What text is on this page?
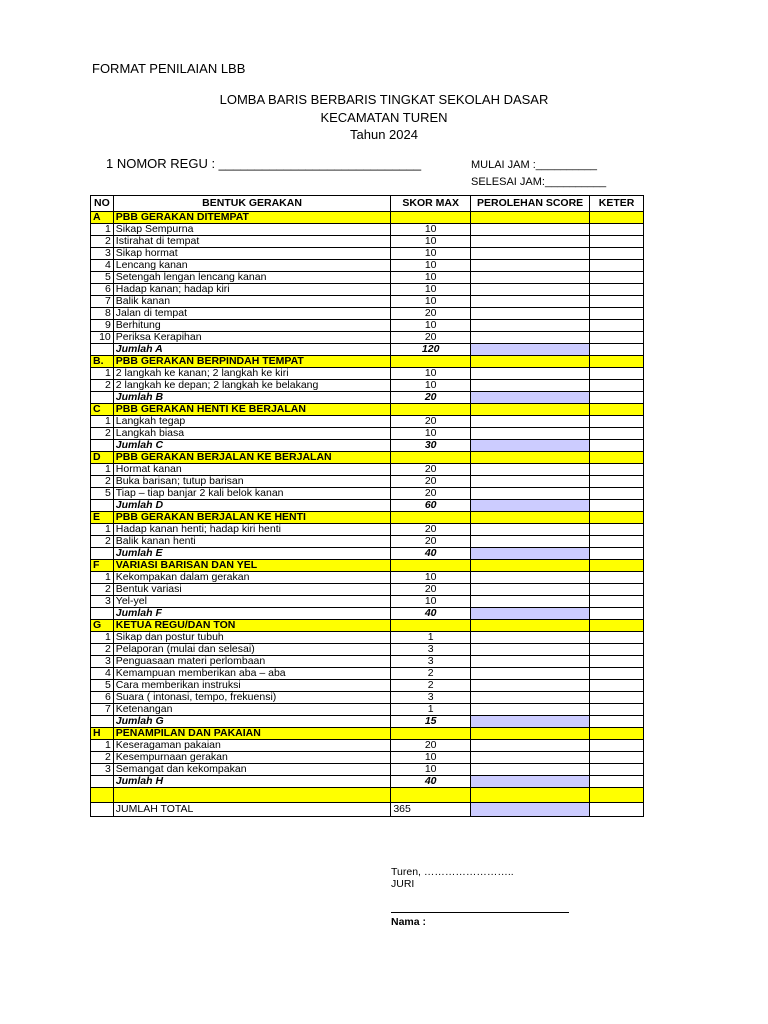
FORMAT PENILAIAN LBB
LOMBA BARIS BERBARIS TINGKAT SEKOLAH DASAR
KECAMATAN TUREN
Tahun 2024
1 NOMOR REGU : ____________________________	MULAI JAM :__________
SELESAI JAM:__________
NO	BENTUK GERAKAN	SKOR MAX	PEROLEHAN SCORE	KETER
A	PBB GERAKAN DITEMPAT			
1	Sikap Sempurna	10		
2	Istirahat di tempat	10		
3	Sikap hormat	10		
4	Lencang kanan	10		
5	Setengah lengan lencang kanan	10		
6	Hadap kanan; hadap kiri	10		
7	Balik kanan	10		
8	Jalan di tempat	20		
9	Berhitung	10		
10	Periksa Kerapihan	20		
	Jumlah A	120		
B.	PBB GERAKAN BERPINDAH TEMPAT			
1	2 langkah ke kanan; 2 langkah ke kiri	10		
2	2 langkah ke depan; 2 langkah ke belakang	10		
	Jumlah B	20		
C	PBB GERAKAN HENTI KE BERJALAN			
1	Langkah tegap	20		
2	Langkah biasa	10		
	Jumlah C	30		
D	PBB GERAKAN BERJALAN KE BERJALAN			
1	Hormat kanan	20		
2	Buka barisan; tutup barisan	20		
5	Tiap – tiap banjar 2 kali belok kanan	20		
	Jumlah D	60		
E	PBB GERAKAN BERJALAN KE HENTI			
1	Hadap kanan henti; hadap kiri henti	20		
2	Balik kanan henti	20		
	Jumlah E	40		
F	VARIASI BARISAN DAN YEL			
1	Kekompakan dalam gerakan	10		
2	Bentuk variasi	20		
3	Yel-yel	10		
	Jumlah F	40		
G	KETUA REGU/DAN TON			
1	Sikap dan postur tubuh	1		
2	Pelaporan (mulai dan selesai)	3		
3	Penguasaan materi perlombaan	3		
4	Kemampuan memberikan aba – aba	2		
5	Cara memberikan instruksi	2		
6	Suara ( intonasi, tempo, frekuensi)	3		
7	Ketenangan	1		
	Jumlah G	15		
H	PENAMPILAN DAN PAKAIAN			
1	Keseragaman pakaian	20		
2	Kesempurnaan gerakan	10		
3	Semangat dan kekompakan	10		
	Jumlah H	40		

	JUMLAH TOTAL	365		
Turen, ……………………..
JURI
Nama :
